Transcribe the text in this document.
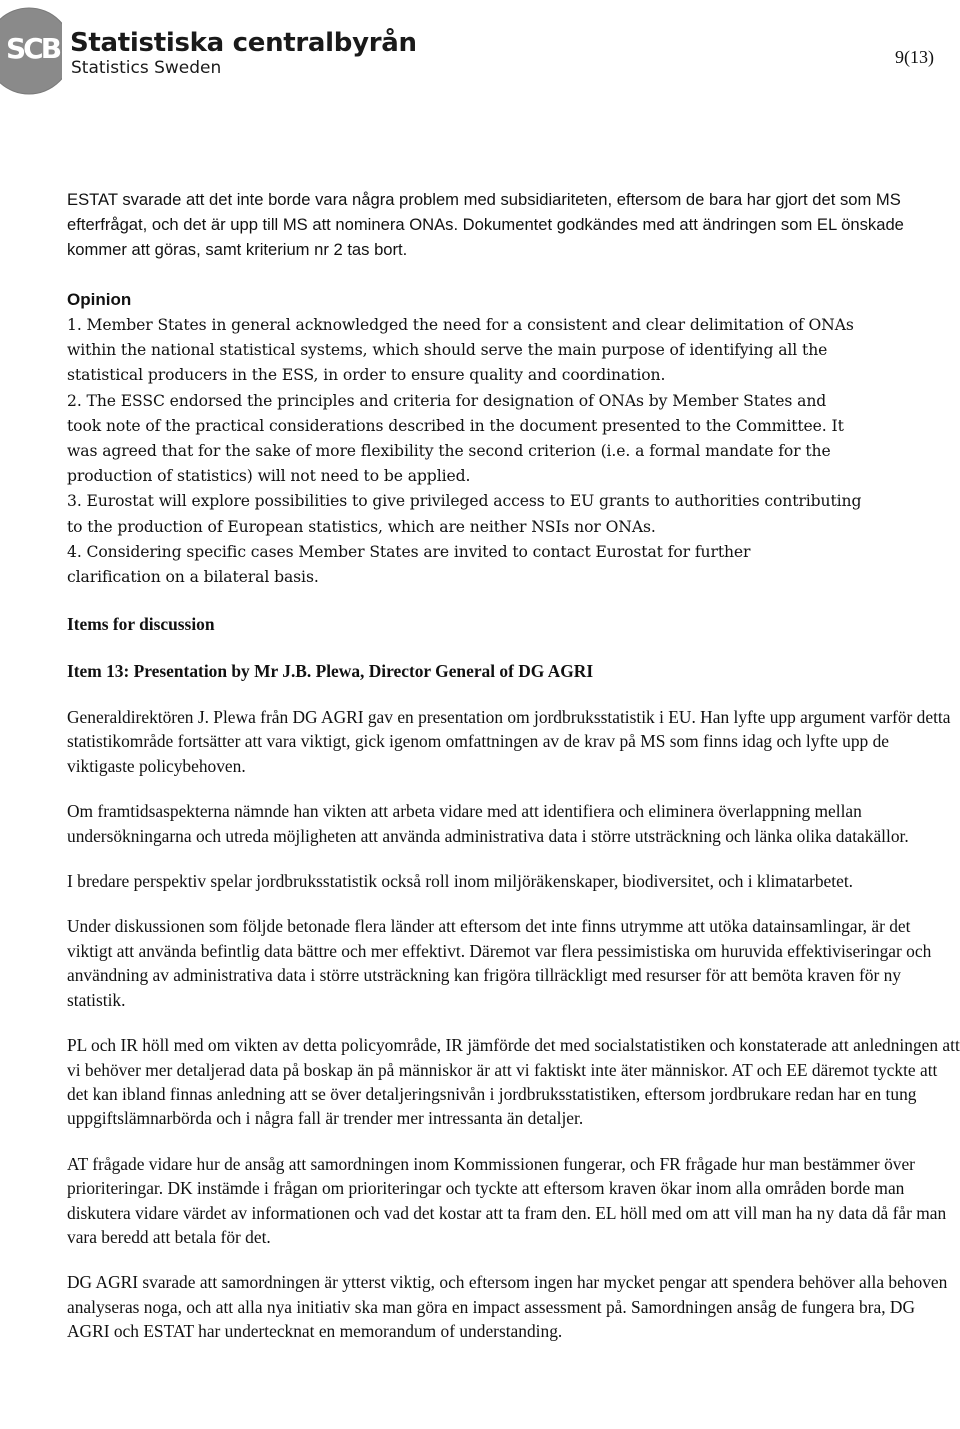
SCB Statistiska centralbyrån
Statistics Sweden
9(13)

ESTAT svarade att det inte borde vara några problem med subsidiariteten, eftersom de bara har gjort det som MS efterfrågat, och det är upp till MS att nominera ONAs. Dokumentet godkändes med att ändringen som EL önskade kommer att göras, samt kriterium nr 2 tas bort.

Opinion

1. Member States in general acknowledged the need for a consistent and clear delimitation of ONAs
within the national statistical systems, which should serve the main purpose of identifying all the
statistical producers in the ESS, in order to ensure quality and coordination.
2. The ESSC endorsed the principles and criteria for designation of ONAs by Member States and
took note of the practical considerations described in the document presented to the Committee. It
was agreed that for the sake of more flexibility the second criterion (i.e. a formal mandate for the
production of statistics) will not need to be applied.
3. Eurostat will explore possibilities to give privileged access to EU grants to authorities contributing
to the production of European statistics, which are neither NSIs nor ONAs.
4. Considering specific cases Member States are invited to contact Eurostat for further
clarification on a bilateral basis.

Items for discussion

Item 13: Presentation by Mr J.B. Plewa, Director General of DG AGRI

Generaldirektören J. Plewa från DG AGRI gav en presentation om jordbruksstatistik i EU. Han lyfte upp argument varför detta statistikområde fortsätter att vara viktigt, gick igenom omfattningen av de krav på MS som finns idag och lyfte upp de viktigaste policybehoven.

Om framtidsaspekterna nämnde han vikten att arbeta vidare med att identifiera och eliminera överlappning mellan undersökningarna och utreda möjligheten att använda administrativa data i större utsträckning och länka olika datakällor.

I bredare perspektiv spelar jordbruksstatistik också roll inom miljöräkenskaper, biodiversitet, och i klimatarbetet.

Under diskussionen som följde betonade flera länder att eftersom det inte finns utrymme att utöka datainsamlingar, är det viktigt att använda befintlig data bättre och mer effektivt. Däremot var flera pessimistiska om huruvida effektiviseringar och användning av administrativa data i större utsträckning kan frigöra tillräckligt med resurser för att bemöta kraven för ny statistik.

PL och IR höll med om vikten av detta policyområde, IR jämförde det med socialstatistiken och konstaterade att anledningen att vi behöver mer detaljerad data på boskap än på människor är att vi faktiskt inte äter människor. AT och EE däremot tyckte att det kan ibland finnas anledning att se över detaljeringsnivån i jordbruksstatistiken, eftersom jordbrukare redan har en tung uppgiftslämnarbörda och i några fall är trender mer intressanta än detaljer.

AT frågade vidare hur de ansåg att samordningen inom Kommissionen fungerar, och FR frågade hur man bestämmer över prioriteringar. DK instämde i frågan om prioriteringar och tyckte att eftersom kraven ökar inom alla områden borde man diskutera vidare värdet av informationen och vad det kostar att ta fram den. EL höll med om att vill man ha ny data då får man vara beredd att betala för det.

DG AGRI svarade att samordningen är ytterst viktig, och eftersom ingen har mycket pengar att spendera behöver alla behoven analyseras noga, och att alla nya initiativ ska man göra en impact assessment på. Samordningen ansåg de fungera bra, DG AGRI och ESTAT har undertecknat en memorandum of understanding.
